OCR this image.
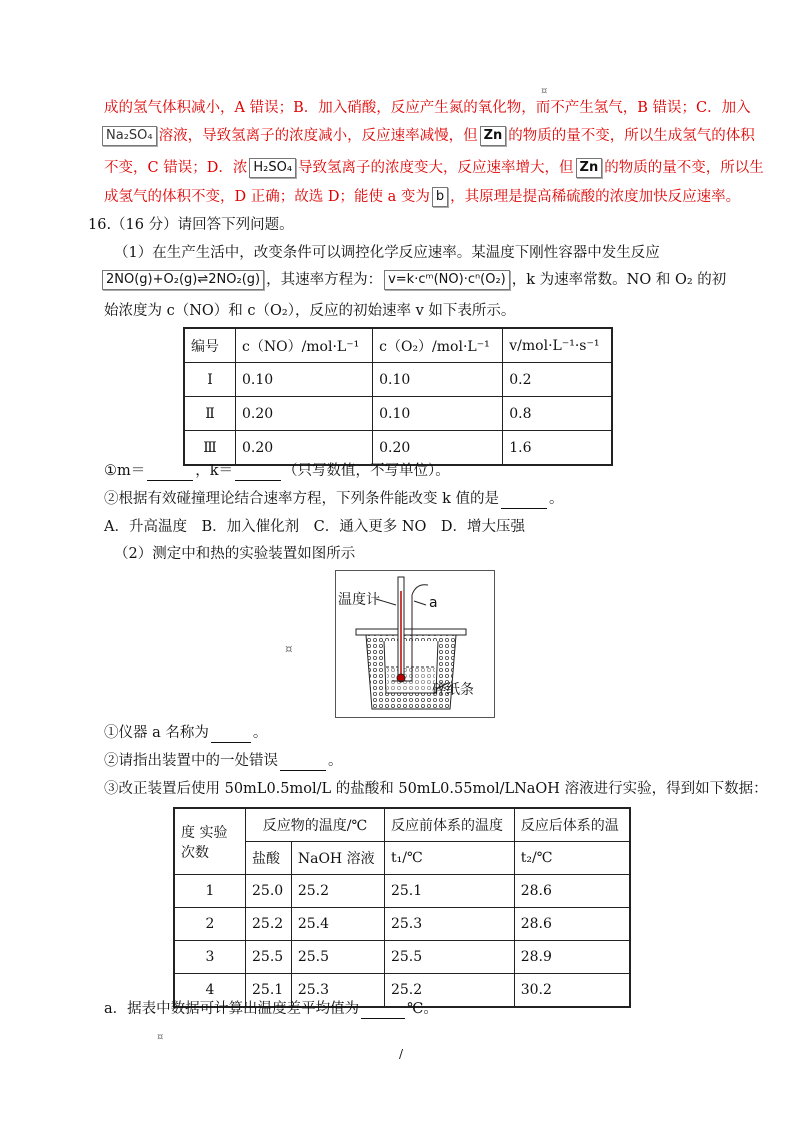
¤
成的氢气体积减小，A 错误；B．加入硝酸，反应产生氮的氧化物，而不产生氢气，B 错误；C．加入
Na₂SO₄ 溶液，导致氢离子的浓度减小，反应速率减慢，但 Zn 的物质的量不变，所以生成氢气的体积
不变，C 错误；D．浓 H₂SO₄ 导致氢离子的浓度变大，反应速率增大，但 Zn 的物质的量不变，所以生
成氢气的体积不变，D 正确；故选 D；能使 a 变为 b ，其原理是提高稀硫酸的浓度加快反应速率。
16.（16 分）请回答下列问题。
（1）在生产生活中，改变条件可以调控化学反应速率。某温度下刚性容器中发生反应
2NO(g)+O₂(g)⇌2NO₂(g) ，其速率方程为： v=k·cᵐ(NO)·cⁿ(O₂) ，k 为速率常数。NO 和 O₂ 的初
始浓度为 c（NO）和 c（O₂），反应的初始速率 v 如下表所示。
编号	c（NO）/mol·L⁻¹	c（O₂）/mol·L⁻¹	v/mol·L⁻¹·s⁻¹
Ⅰ	0.10	0.10	0.2
Ⅱ	0.20	0.10	0.8
Ⅲ	0.20	0.20	1.6
①m＝	，k＝	（只写数值，不写单位）。
②根据有效碰撞理论结合速率方程，下列条件能改变 k 值的是	。
A．升高温度　B．加入催化剂　C．通入更多 NO　D．增大压强
（2）测定中和热的实验装置如图所示
¤
温度计	a
碎纸条
①仪器 a 名称为	。
②请指出装置中的一处错误	。
③改正装置后使用 50mL0.5mol/L 的盐酸和 50mL0.55mol/LNaOH 溶液进行实验，得到如下数据：
度 实验次数	反应物的温度/℃		反应前体系的温度	反应后体系的温
	盐酸	NaOH 溶液	t₁/℃	t₂/℃
1	25.0	25.2	25.1	28.6
2	25.2	25.4	25.3	28.6
3	25.5	25.5	25.5	28.9
4	25.1	25.3	25.2	30.2
a．据表中数据可计算出温度差平均值为	℃。
¤
/
